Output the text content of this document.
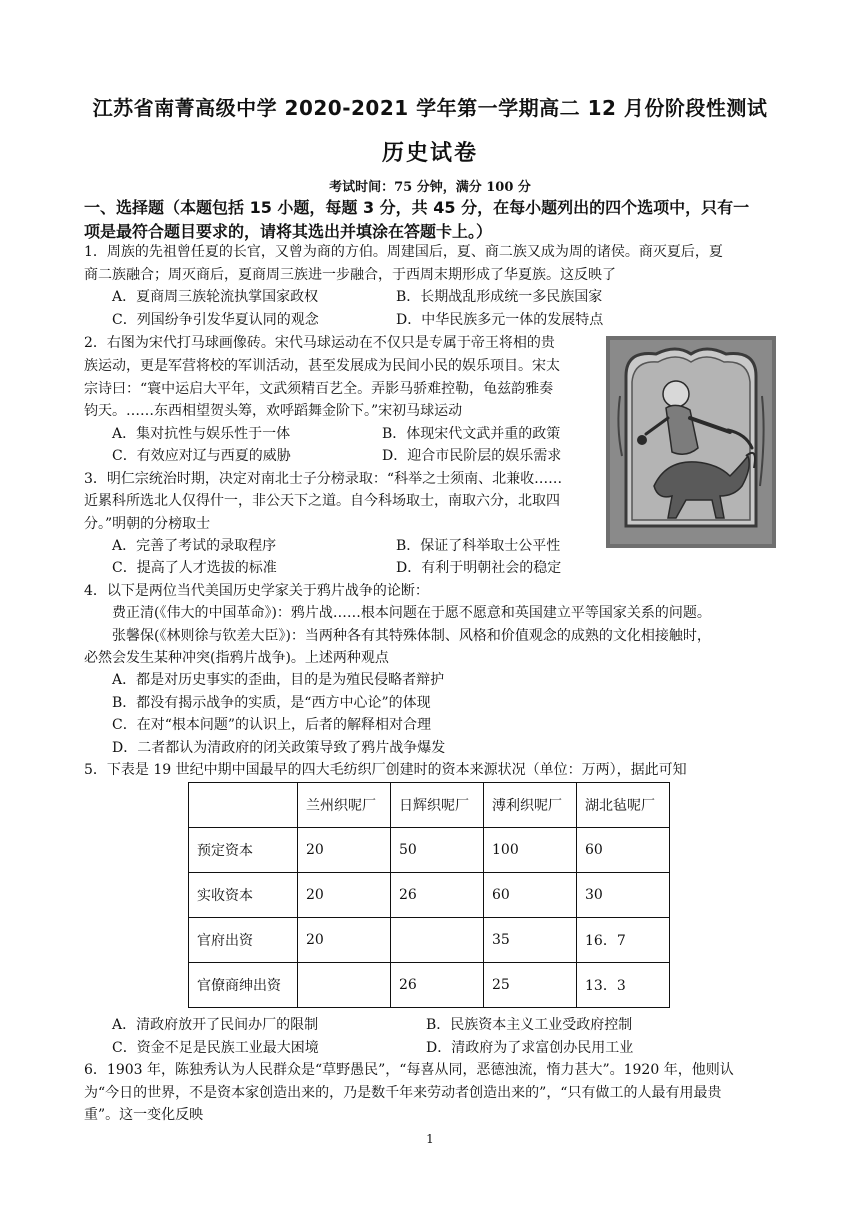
江苏省南菁高级中学 2020-2021 学年第一学期高二 12 月份阶段性测试
历史试卷
考试时间：75 分钟，满分 100 分
一、选择题（本题包括 15 小题，每题 3 分，共 45 分，在每小题列出的四个选项中，只有一
项是最符合题目要求的，请将其选出并填涂在答题卡上。）
1．周族的先祖曾任夏的长官，又曾为商的方伯。周建国后，夏、商二族又成为周的诸侯。商灭夏后，夏
商二族融合；周灭商后，夏商周三族进一步融合，于西周末期形成了华夏族。这反映了
A．夏商周三族轮流执掌国家政权	B．长期战乱形成统一多民族国家
C．列国纷争引发华夏认同的观念	D．中华民族多元一体的发展特点
2．右图为宋代打马球画像砖。宋代马球运动在不仅只是专属于帝王将相的贵
族运动，更是军营将校的军训活动，甚至发展成为民间小民的娱乐项目。宋太
宗诗曰：“寰中运启大平年，文武须精百艺全。弄影马骄难控勒，龟兹韵雅奏
钧天。……东西相望贺头筹，欢呼蹈舞金阶下。”宋初马球运动
A．集对抗性与娱乐性于一体	B．体现宋代文武并重的政策
C．有效应对辽与西夏的威胁	D．迎合市民阶层的娱乐需求
3．明仁宗统治时期，决定对南北士子分榜录取：“科举之士须南、北兼收……
近累科所选北人仅得什一，非公天下之道。自今科场取士，南取六分，北取四
分。”明朝的分榜取士
A．完善了考试的录取程序	B．保证了科举取士公平性
C．提高了人才选拔的标准	D．有利于明朝社会的稳定
4．以下是两位当代美国历史学家关于鸦片战争的论断：
费正清(《伟大的中国革命》)：鸦片战……根本问题在于愿不愿意和英国建立平等国家关系的问题。
张馨保(《林则徐与钦差大臣》)：当两种各有其特殊体制、风格和价值观念的成熟的文化相接触时，
必然会发生某种冲突(指鸦片战争)。上述两种观点
A．都是对历史事实的歪曲，目的是为殖民侵略者辩护
B．都没有揭示战争的实质，是“西方中心论”的体现
C．在对“根本问题”的认识上，后者的解释相对合理
D．二者都认为清政府的闭关政策导致了鸦片战争爆发
5．下表是 19 世纪中期中国最早的四大毛纺织厂创建时的资本来源状况（单位：万两），据此可知
	兰州织呢厂	日辉织呢厂	溥利织呢厂	湖北毡呢厂
预定资本	20	50	100	60
实收资本	20	26	60	30
官府出资	20		35	16．7
官僚商绅出资		26	25	13．3
A．清政府放开了民间办厂的限制	B．民族资本主义工业受政府控制
C．资金不足是民族工业最大困境	D．清政府为了求富创办民用工业
6．1903 年，陈独秀认为人民群众是“草野愚民”，“每喜从同，恶德浊流，惰力甚大”。1920 年，他则认
为“今日的世界，不是资本家创造出来的，乃是数千年来劳动者创造出来的”，“只有做工的人最有用最贵
重”。这一变化反映
1
